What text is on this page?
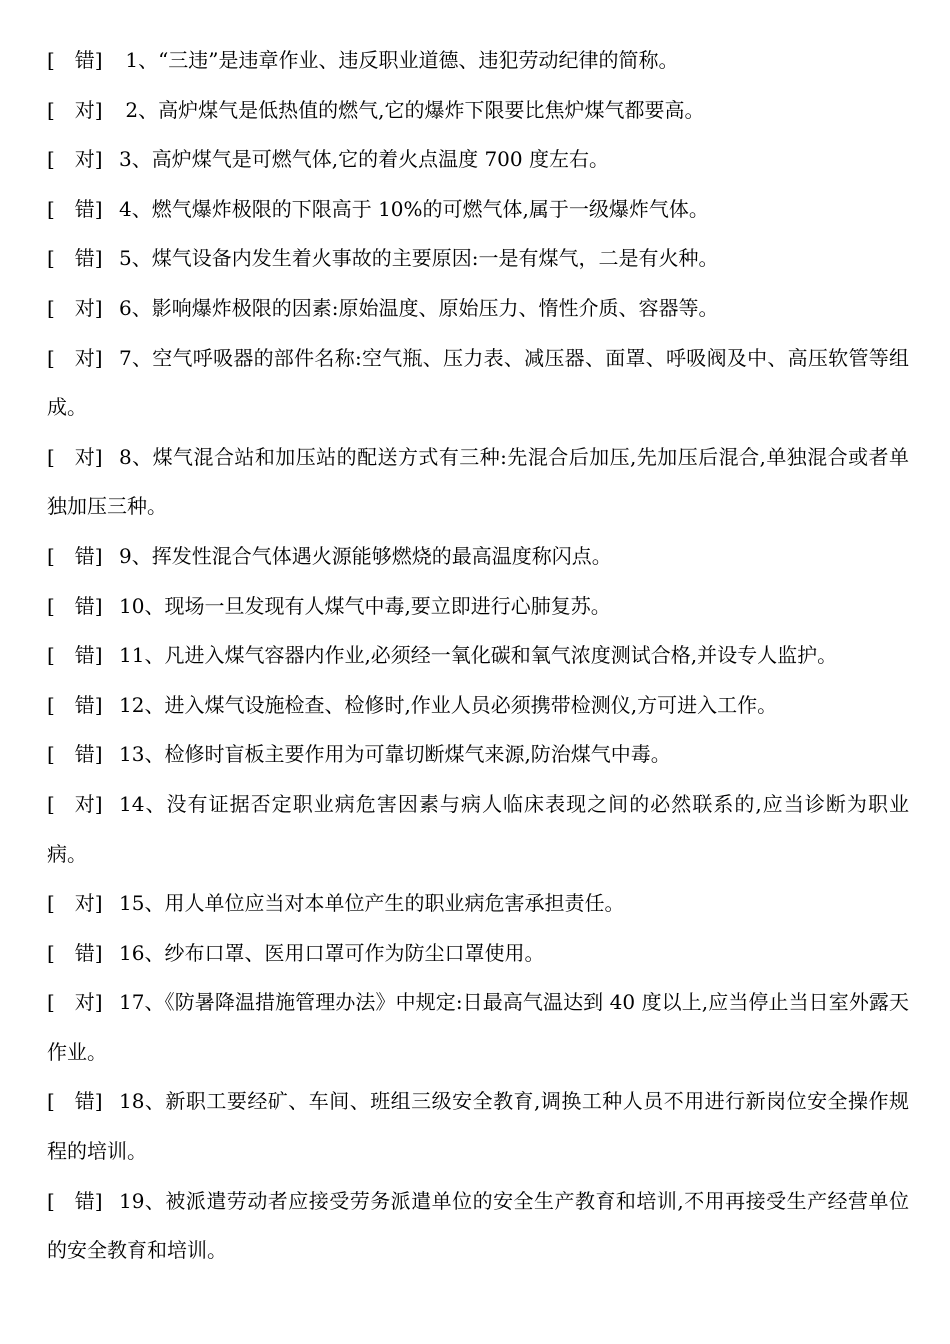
[　错] 1、“三违”是违章作业、违反职业道德、违犯劳动纪律的简称。

[　对] 2、高炉煤气是低热值的燃气,它的爆炸下限要比焦炉煤气都要高。

[　对] 3、高炉煤气是可燃气体,它的着火点温度 700 度左右。

[　错] 4、燃气爆炸极限的下限高于 10%的可燃气体,属于一级爆炸气体。

[　错] 5、煤气设备内发生着火事故的主要原因:一是有煤气，二是有火种。

[　对] 6、影响爆炸极限的因素:原始温度、原始压力、惰性介质、容器等。

[　对] 7、空气呼吸器的部件名称:空气瓶、压力表、减压器、面罩、呼吸阀及中、高压软管等组成。

[　对] 8、煤气混合站和加压站的配送方式有三种:先混合后加压,先加压后混合,单独混合或者单独加压三种。

[　错] 9、挥发性混合气体遇火源能够燃烧的最高温度称闪点。

[　错] 10、现场一旦发现有人煤气中毒,要立即进行心肺复苏。

[　错] 11、凡进入煤气容器内作业,必须经一氧化碳和氧气浓度测试合格,并设专人监护。

[　错] 12、进入煤气设施检查、检修时,作业人员必须携带检测仪,方可进入工作。

[　错] 13、检修时盲板主要作用为可靠切断煤气来源,防治煤气中毒。

[　对] 14、没有证据否定职业病危害因素与病人临床表现之间的必然联系的,应当诊断为职业病。

[　对] 15、用人单位应当对本单位产生的职业病危害承担责任。

[　错] 16、纱布口罩、医用口罩可作为防尘口罩使用。

[　对] 17、《防暑降温措施管理办法》中规定:日最高气温达到 40 度以上,应当停止当日室外露天作业。

[　错] 18、新职工要经矿、车间、班组三级安全教育,调换工种人员不用进行新岗位安全操作规程的培训。

[　错] 19、被派遣劳动者应接受劳务派遣单位的安全生产教育和培训,不用再接受生产经营单位的安全教育和培训。
